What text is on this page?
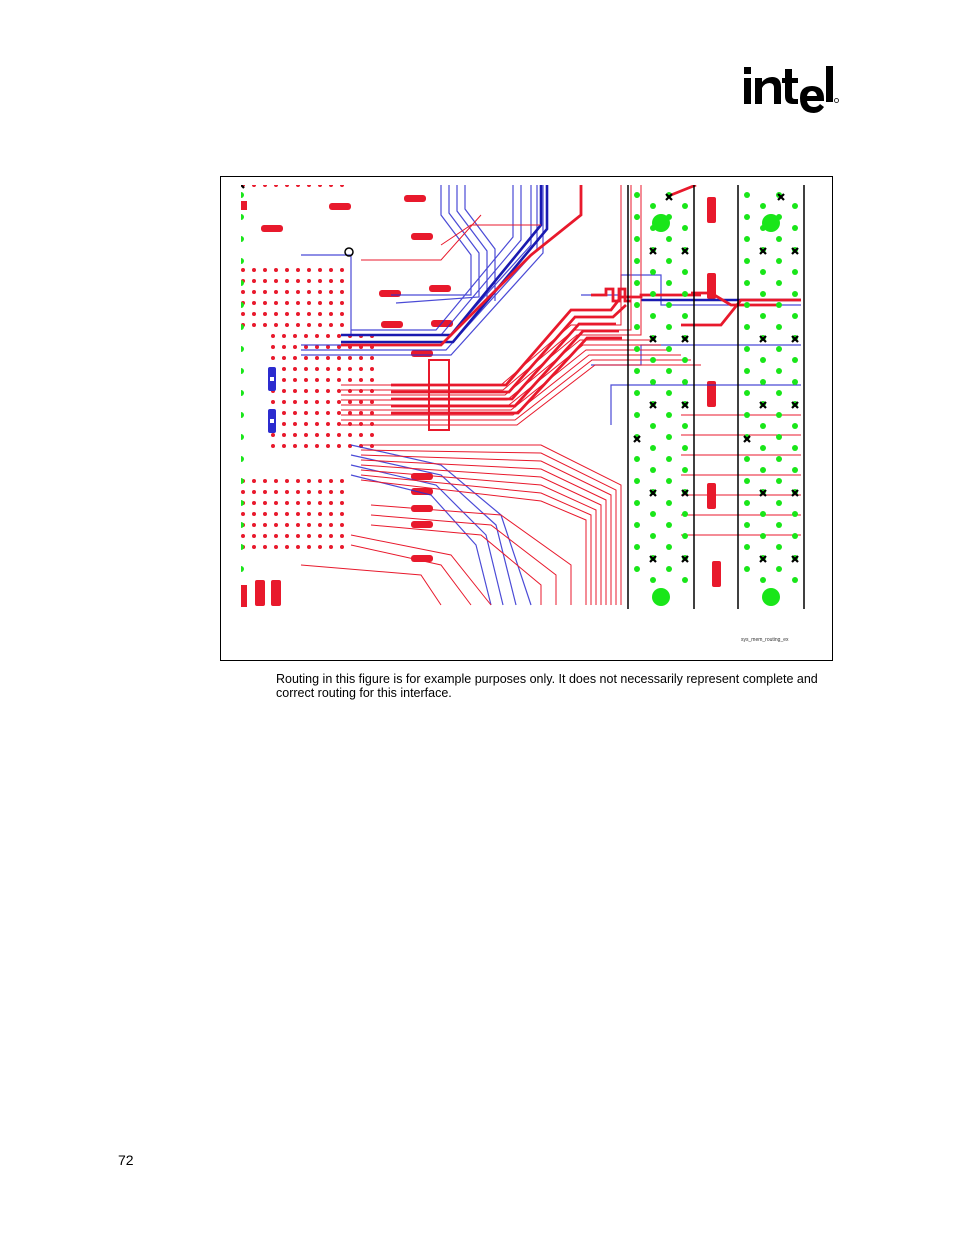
sys_mem_routing_ex
Routing in this figure is for example purposes only. It does not necessarily represent complete and correct routing for this interface.
72
